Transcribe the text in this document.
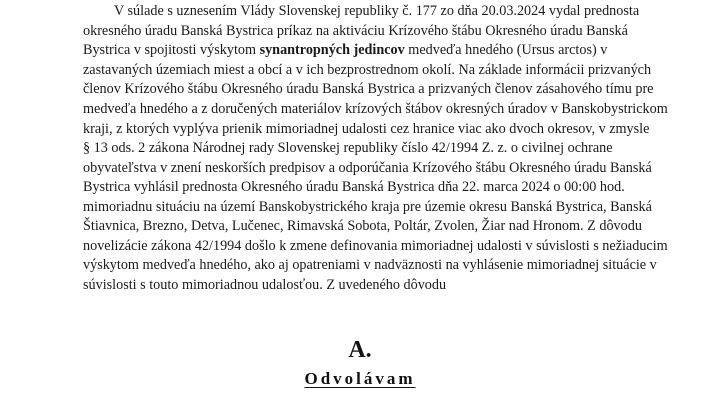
V súlade s uznesením Vlády Slovenskej republiky č. 177 zo dňa 20.03.2024 vydal prednosta
okresného úradu Banská Bystrica príkaz na aktiváciu Krízového štábu Okresného úradu Banská
Bystrica v spojitosti výskytom synantropných jedincov medveďa hnedého (Ursus arctos) v
zastavaných územiach miest a obcí a v ich bezprostrednom okolí. Na základe informácii prizvaných
členov Krízového štábu Okresného úradu Banská Bystrica a prizvaných členov zásahového tímu pre
medveďa hnedého a z doručených materiálov krízových štábov okresných úradov v Banskobystrickom
kraji, z ktorých vyplýva prienik mimoriadnej udalosti cez hranice viac ako dvoch okresov, v zmysle
§ 13 ods. 2 zákona Národnej rady Slovenskej republiky číslo 42/1994 Z. z. o civilnej ochrane
obyvateľstva v znení neskorších predpisov a odporúčania Krízového štábu Okresného úradu Banská
Bystrica vyhlásil prednosta Okresného úradu Banská Bystrica dňa 22. marca 2024 o 00:00 hod.
mimoriadnu situáciu na území Banskobystrického kraja pre územie okresu Banská Bystrica, Banská
Štiavnica, Brezno, Detva, Lučenec, Rimavská Sobota, Poltár, Zvolen, Žiar nad Hronom. Z dôvodu
novelizácie zákona 42/1994 došlo k zmene definovania mimoriadnej udalosti v súvislosti s nežiaducim
výskytom medveďa hnedého, ako aj opatreniami v nadväznosti na vyhlásenie mimoriadnej situácie v
súvislosti s touto mimoriadnou udalosťou. Z uvedeného dôvodu
A.
Odvolávam
